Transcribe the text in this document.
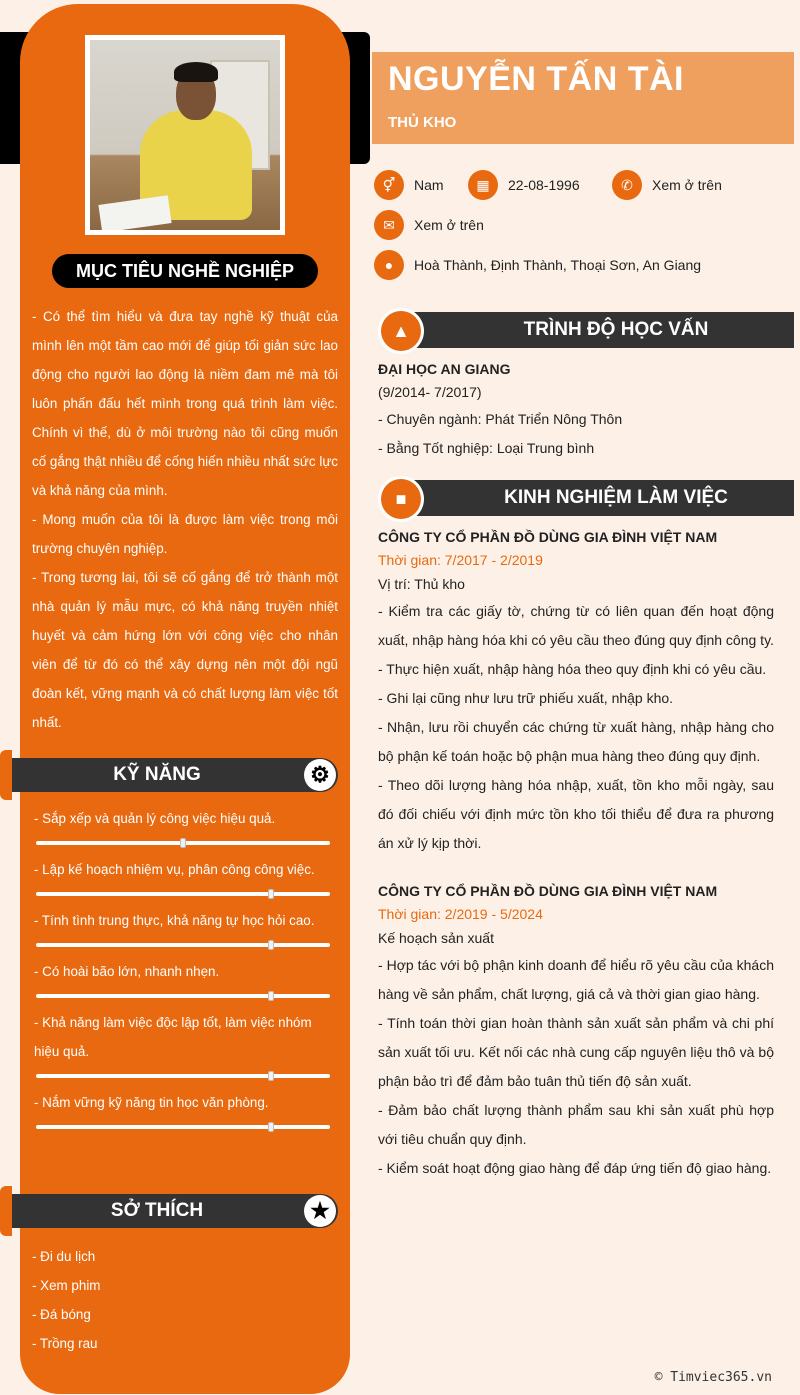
MỤC TIÊU NGHỀ NGHIỆP

- Có thể tìm hiểu và đưa tay nghề kỹ thuật của mình lên một tầm cao mới để giúp tối giản sức lao động cho người lao động là niềm đam mê mà tôi luôn phấn đấu hết mình trong quá trình làm việc. Chính vì thế, dù ở môi trường nào tôi cũng muốn cố gắng thật nhiều để cống hiến nhiều nhất sức lực và khả năng của mình.

- Mong muốn của tôi là được làm việc trong môi trường chuyên nghiệp.

- Trong tương lai, tôi sẽ cố gắng để trở thành một nhà quản lý mẫu mực, có khả năng truyền nhiệt huyết và cảm hứng lớn với công việc cho nhân viên để từ đó có thể xây dựng nên một đội ngũ đoàn kết, vững mạnh và có chất lượng làm việc tốt nhất.

KỸ NĂNG	⚙
- Sắp xếp và quản lý công việc hiệu quả.
- Lập kế hoạch nhiệm vụ, phân công công việc.
- Tính tình trung thực, khả năng tự học hỏi cao.
- Có hoài bão lớn, nhanh nhẹn.
- Khả năng làm việc độc lập tốt, làm việc nhóm hiệu quả.
- Nắm vững kỹ năng tin học văn phòng.
SỞ THÍCH	★
- Đi du lịch
- Xem phim
- Đá bóng
- Trồng rau
NGUYỄN TẤN TÀI
THỦ KHO
⚥	Nam	▦	22-08-1996	✆	Xem ở trên
✉	Xem ở trên
●	Hoà Thành, Định Thành, Thoại Sơn, An Giang
TRÌNH ĐỘ HỌC VẤN
▲
ĐẠI HỌC AN GIANG
(9/2014- 7/2017)
- Chuyên ngành: Phát Triển Nông Thôn
- Bằng Tốt nghiệp: Loại Trung bình
KINH NGHIỆM LÀM VIỆC
■
CÔNG TY CỔ PHẦN ĐỒ DÙNG GIA ĐÌNH VIỆT NAM
Thời gian: 7/2017 - 2/2019
Vị trí: Thủ kho
- Kiểm tra các giấy tờ, chứng từ có liên quan đến hoạt động xuất, nhập hàng hóa khi có yêu cầu theo đúng quy định công ty.
- Thực hiện xuất, nhập hàng hóa theo quy định khi có yêu cầu.
- Ghi lại cũng như lưu trữ phiếu xuất, nhập kho.
- Nhận, lưu rồi chuyển các chứng từ xuất hàng, nhập hàng cho bộ phận kế toán hoặc bộ phận mua hàng theo đúng quy định.
- Theo dõi lượng hàng hóa nhập, xuất, tồn kho mỗi ngày, sau đó đối chiếu với định mức tồn kho tối thiểu để đưa ra phương án xử lý kịp thời.
CÔNG TY CỔ PHẦN ĐỒ DÙNG GIA ĐÌNH VIỆT NAM
Thời gian: 2/2019 - 5/2024
Kế hoạch sản xuất
- Hợp tác với bộ phận kinh doanh để hiểu rõ yêu cầu của khách hàng về sản phẩm, chất lượng, giá cả và thời gian giao hàng.
- Tính toán thời gian hoàn thành sản xuất sản phẩm và chi phí sản xuất tối ưu. Kết nối các nhà cung cấp nguyên liệu thô và bộ phận bảo trì để đảm bảo tuân thủ tiến độ sản xuất.
- Đảm bảo chất lượng thành phẩm sau khi sản xuất phù hợp với tiêu chuẩn quy định.
- Kiểm soát hoạt động giao hàng để đáp ứng tiến độ giao hàng.
© Timviec365.vn
